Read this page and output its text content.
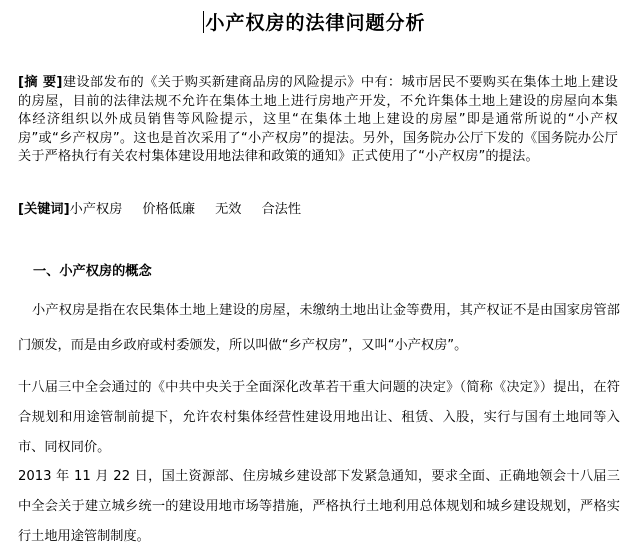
小产权房的法律问题分析
[摘 要]建设部发布的《关于购买新建商品房的风险提示》中有：城市居民不要购买在集体土地上建设的房屋，目前的法律法规不允许在集体土地上进行房地产开发，不允许集体土地上建设的房屋向本集体经济组织以外成员销售等风险提示，这里“在集体土地上建设的房屋”即是通常所说的“小产权房”或“乡产权房”。这也是首次采用了“小产权房”的提法。另外，国务院办公厅下发的《国务院办公厅关于严格执行有关农村集体建设用地法律和政策的通知》正式使用了“小产权房”的提法。
[关键词]小产权房 价格低廉 无效 合法性
一、小产权房的概念
小产权房是指在农民集体土地上建设的房屋，未缴纳土地出让金等费用，其产权证不是由国家房管部门颁发，而是由乡政府或村委颁发，所以叫做“乡产权房”，又叫“小产权房”。
十八届三中全会通过的《中共中央关于全面深化改革若干重大问题的决定》（简称《决定》）提出，在符合规划和用途管制前提下，允许农村集体经营性建设用地出让、租赁、入股，实行与国有土地同等入市、同权同价。
2013 年 11 月 22 日，国土资源部、住房城乡建设部下发紧急通知，要求全面、正确地领会十八届三中全会关于建立城乡统一的建设用地市场等措施，严格执行土地利用总体规划和城乡建设规划，严格实行土地用途管制制度。
